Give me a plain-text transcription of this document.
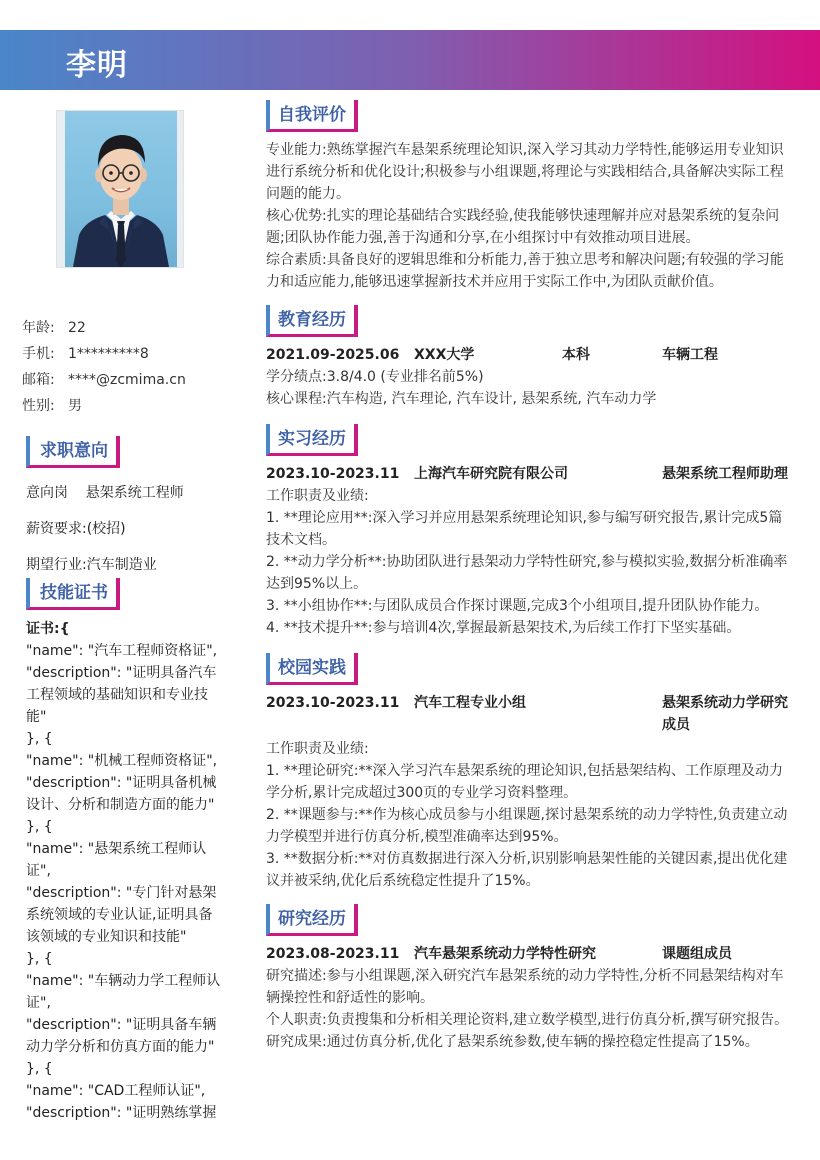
李明
年龄: 22
手机: 1*********8
邮箱: ****@zcmima.cn
性别: 男
求职意向
意向岗    悬架系统工程师
薪资要求:(校招)
期望行业:汽车制造业
技能证书
证书:{
"name": "汽车工程师资格证",
"description": "证明具备汽车工程领域的基础知识和专业技能"
}, {
"name": "机械工程师资格证",
"description": "证明具备机械设计、分析和制造方面的能力"
}, {
"name": "悬架系统工程师认证",
"description": "专门针对悬架系统领域的专业认证,证明具备该领域的专业知识和技能"
}, {
"name": "车辆动力学工程师认证",
"description": "证明具备车辆动力学分析和仿真方面的能力"
}, {
"name": "CAD工程师认证",
"description": "证明熟练掌握
自我评价

专业能力:熟练掌握汽车悬架系统理论知识,深入学习其动力学特性,能够运用专业知识进行系统分析和优化设计;积极参与小组课题,将理论与实践相结合,具备解决实际工程问题的能力。

核心优势:扎实的理论基础结合实践经验,使我能够快速理解并应对悬架系统的复杂问题;团队协作能力强,善于沟通和分享,在小组探讨中有效推动项目进展。

综合素质:具备良好的逻辑思维和分析能力,善于独立思考和解决问题;有较强的学习能力和适应能力,能够迅速掌握新技术并应用于实际工作中,为团队贡献价值。

教育经历
2021.09-2025.06 XXX大学	本科	车辆工程

学分绩点:3.8/4.0 (专业排名前5%)

核心课程:汽车构造, 汽车理论, 汽车设计, 悬架系统, 汽车动力学

实习经历
2023.10-2023.11 上海汽车研究院有限公司	悬架系统工程师助理

工作职责及业绩:

1. **理论应用**:深入学习并应用悬架系统理论知识,参与编写研究报告,累计完成5篇技术文档。

2. **动力学分析**:协助团队进行悬架动力学特性研究,参与模拟实验,数据分析准确率达到95%以上。

3. **小组协作**:与团队成员合作探讨课题,完成3个小组项目,提升团队协作能力。

4. **技术提升**:参与培训4次,掌握最新悬架技术,为后续工作打下坚实基础。

校园实践
2023.10-2023.11 汽车工程专业小组	悬架系统动力学研究成员

工作职责及业绩:

1. **理论研究:**深入学习汽车悬架系统的理论知识,包括悬架结构、工作原理及动力学分析,累计完成超过300页的专业学习资料整理。

2. **课题参与:**作为核心成员参与小组课题,探讨悬架系统的动力学特性,负责建立动力学模型并进行仿真分析,模型准确率达到95%。

3. **数据分析:**对仿真数据进行深入分析,识别影响悬架性能的关键因素,提出优化建议并被采纳,优化后系统稳定性提升了15%。

研究经历
2023.08-2023.11 汽车悬架系统动力学特性研究	课题组成员

研究描述:参与小组课题,深入研究汽车悬架系统的动力学特性,分析不同悬架结构对车辆操控性和舒适性的影响。

个人职责:负责搜集和分析相关理论资料,建立数学模型,进行仿真分析,撰写研究报告。

研究成果:通过仿真分析,优化了悬架系统参数,使车辆的操控稳定性提高了15%。
